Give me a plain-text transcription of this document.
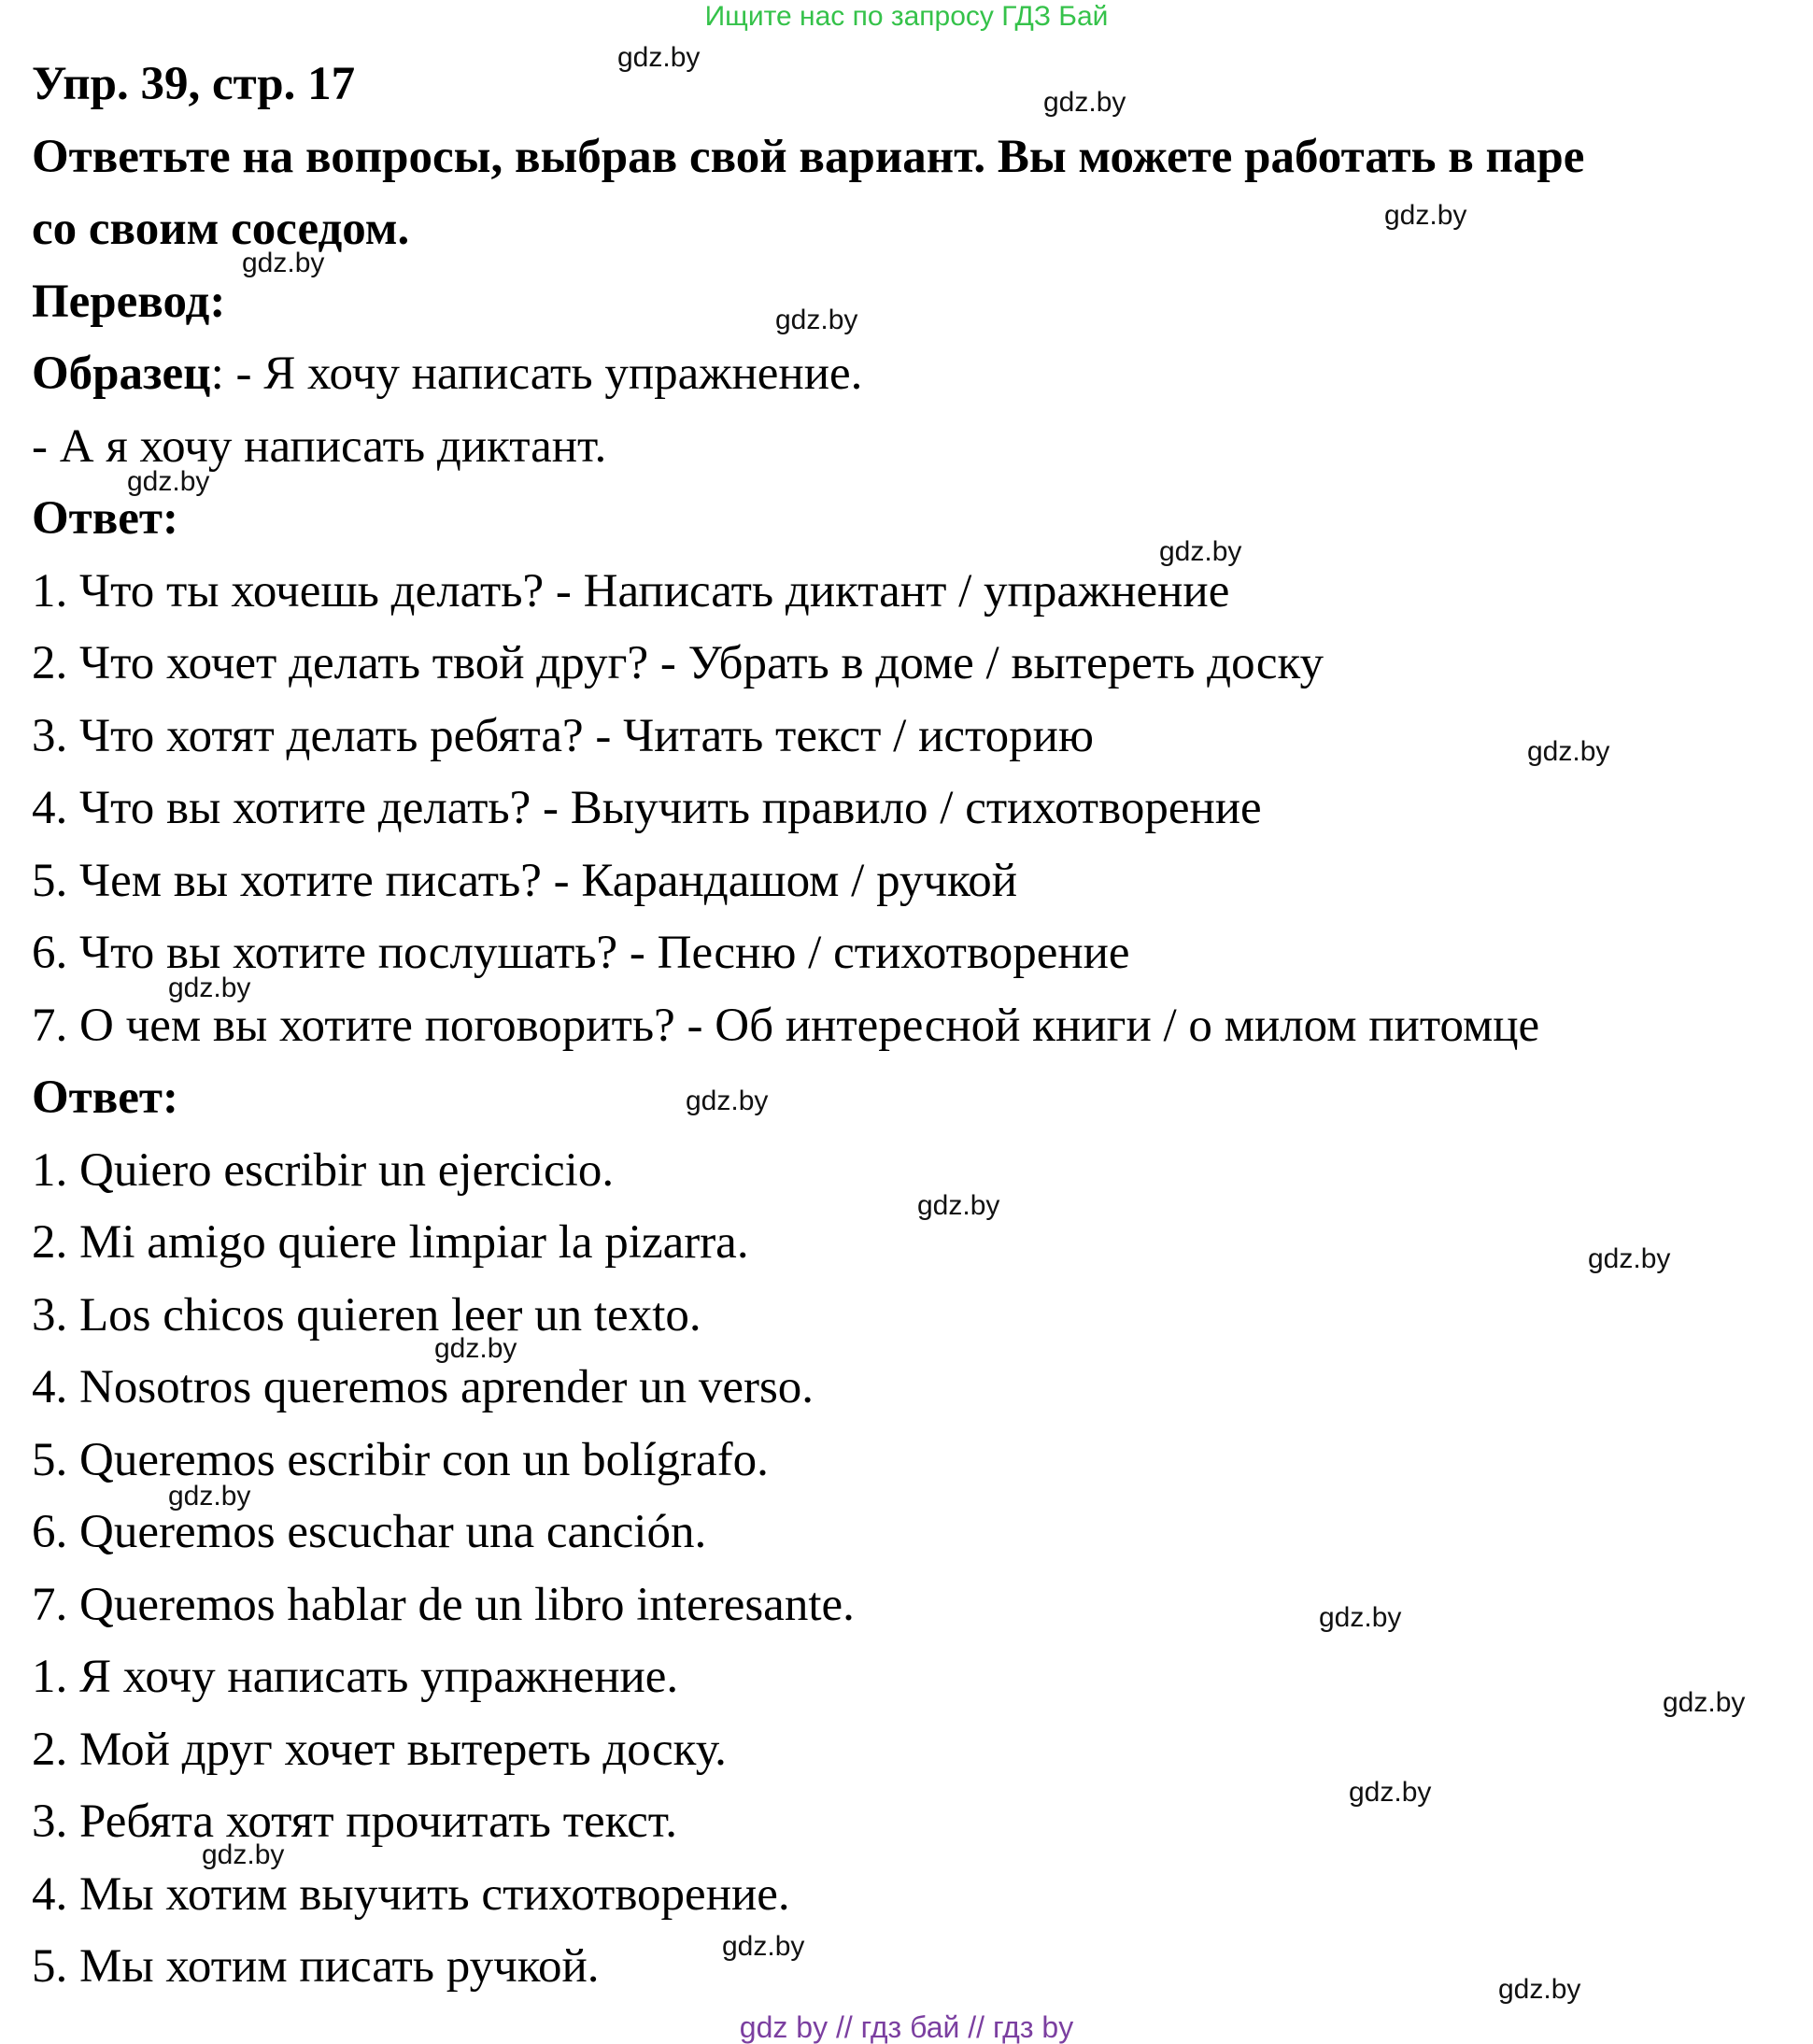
Ищите нас по запросу ГДЗ Бай
Упр. 39, стр. 17
Ответьте на вопросы, выбрав свой вариант. Вы можете работать в паре
со своим соседом.
Перевод:
Образец: - Я хочу написать упражнение.
- А я хочу написать диктант.
Ответ:
1. Что ты хочешь делать? - Написать диктант / упражнение
2. Что хочет делать твой друг? - Убрать в доме / вытереть доску
3. Что хотят делать ребята? - Читать текст / историю
4. Что вы хотите делать? - Выучить правило / стихотворение
5. Чем вы хотите писать? - Карандашом / ручкой
6. Что вы хотите послушать? - Песню / стихотворение
7. О чем вы хотите поговорить? - Об интересной книги / о милом питомце
Ответ:
1. Quiero escribir un ejercicio.
2. Mi amigo quiere limpiar la pizarra.
3. Los chicos quieren leer un texto.
4. Nosotros queremos aprender un verso.
5. Queremos escribir con un bolígrafo.
6. Queremos escuchar una canción.
7. Queremos hablar de un libro interesante.
1. Я хочу написать упражнение.
2. Мой друг хочет вытереть доску.
3. Ребята хотят прочитать текст.
4. Мы хотим выучить стихотворение.
5. Мы хотим писать ручкой.
gdz.by
gdz.by
gdz.by
gdz.by
gdz.by
gdz.by
gdz.by
gdz.by
gdz.by
gdz.by
gdz.by
gdz.by
gdz.by
gdz.by
gdz.by
gdz.by
gdz.by
gdz.by
gdz.by
gdz.by
gdz by // гдз бай // гдз by
